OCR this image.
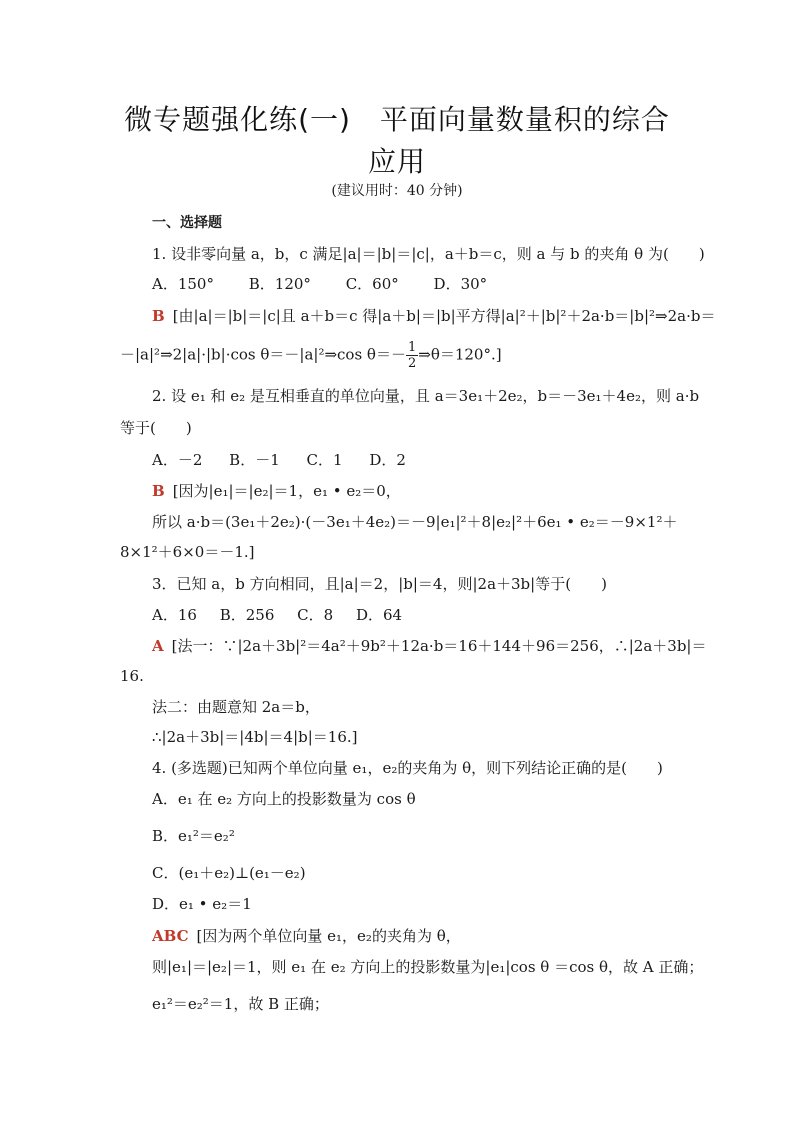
微专题强化练(一)　平面向量数量积的综合
应用
(建议用时：40 分钟)
一、选择题
1. 设非零向量 a，b，c 满足|a|＝|b|＝|c|，a＋b＝c，则 a 与 b 的夹角 θ 为(　　)
A．150° B．120° C．60° D．30°
B [由|a|＝|b|＝|c|且 a＋b＝c 得|a＋b|＝|b|平方得|a|²＋|b|²＋2a·b＝|b|²⇒2a·b＝
－|a|²⇒2|a|·|b|·cos θ＝－|a|²⇒cos $\theta=- \frac{1}{2}$ ⇒θ＝120°.]
2. 设 e₁ 和 e₂ 是互相垂直的单位向量，且 a＝3e₁＋2e₂，b＝－3e₁＋4e₂，则 a·b
等于(　　)
A．－2 B．－1 C．1 D．2
B [因为|e₁|＝|e₂|＝1，e₁ • e₂＝0，
所以 a·b＝(3e₁＋2e₂)·(－3e₁＋4e₂)＝－9|e₁|²＋8|e₂|²＋6e₁ • e₂＝－9×1²＋
8×1²＋6×0＝－1.]
3．已知 a，b 方向相同，且|a|＝2，|b|＝4，则|2a＋3b|等于(　　)
A．16 B．256 C．8 D．64
A [法一：∵|2a＋3b|²＝4a²＋9b²＋12a·b＝16＋144＋96＝256，∴|2a＋3b|＝
16.
法二：由题意知 2a＝b，
∴|2a＋3b|＝|4b|＝4|b|＝16.]
4. (多选题)已知两个单位向量 e₁，e₂的夹角为 θ，则下列结论正确的是(　　)
A．e₁ 在 e₂ 方向上的投影数量为 cos θ
B．e₁²＝e₂²
C．(e₁＋e₂)⊥(e₁－e₂)
D．e₁ • e₂＝1
ABC [因为两个单位向量 e₁，e₂的夹角为 θ，
则|e₁|＝|e₂|＝1，则 e₁ 在 e₂ 方向上的投影数量为|e₁|cos θ ＝cos θ，故 A 正确；
e₁²＝e₂²＝1，故 B 正确；
